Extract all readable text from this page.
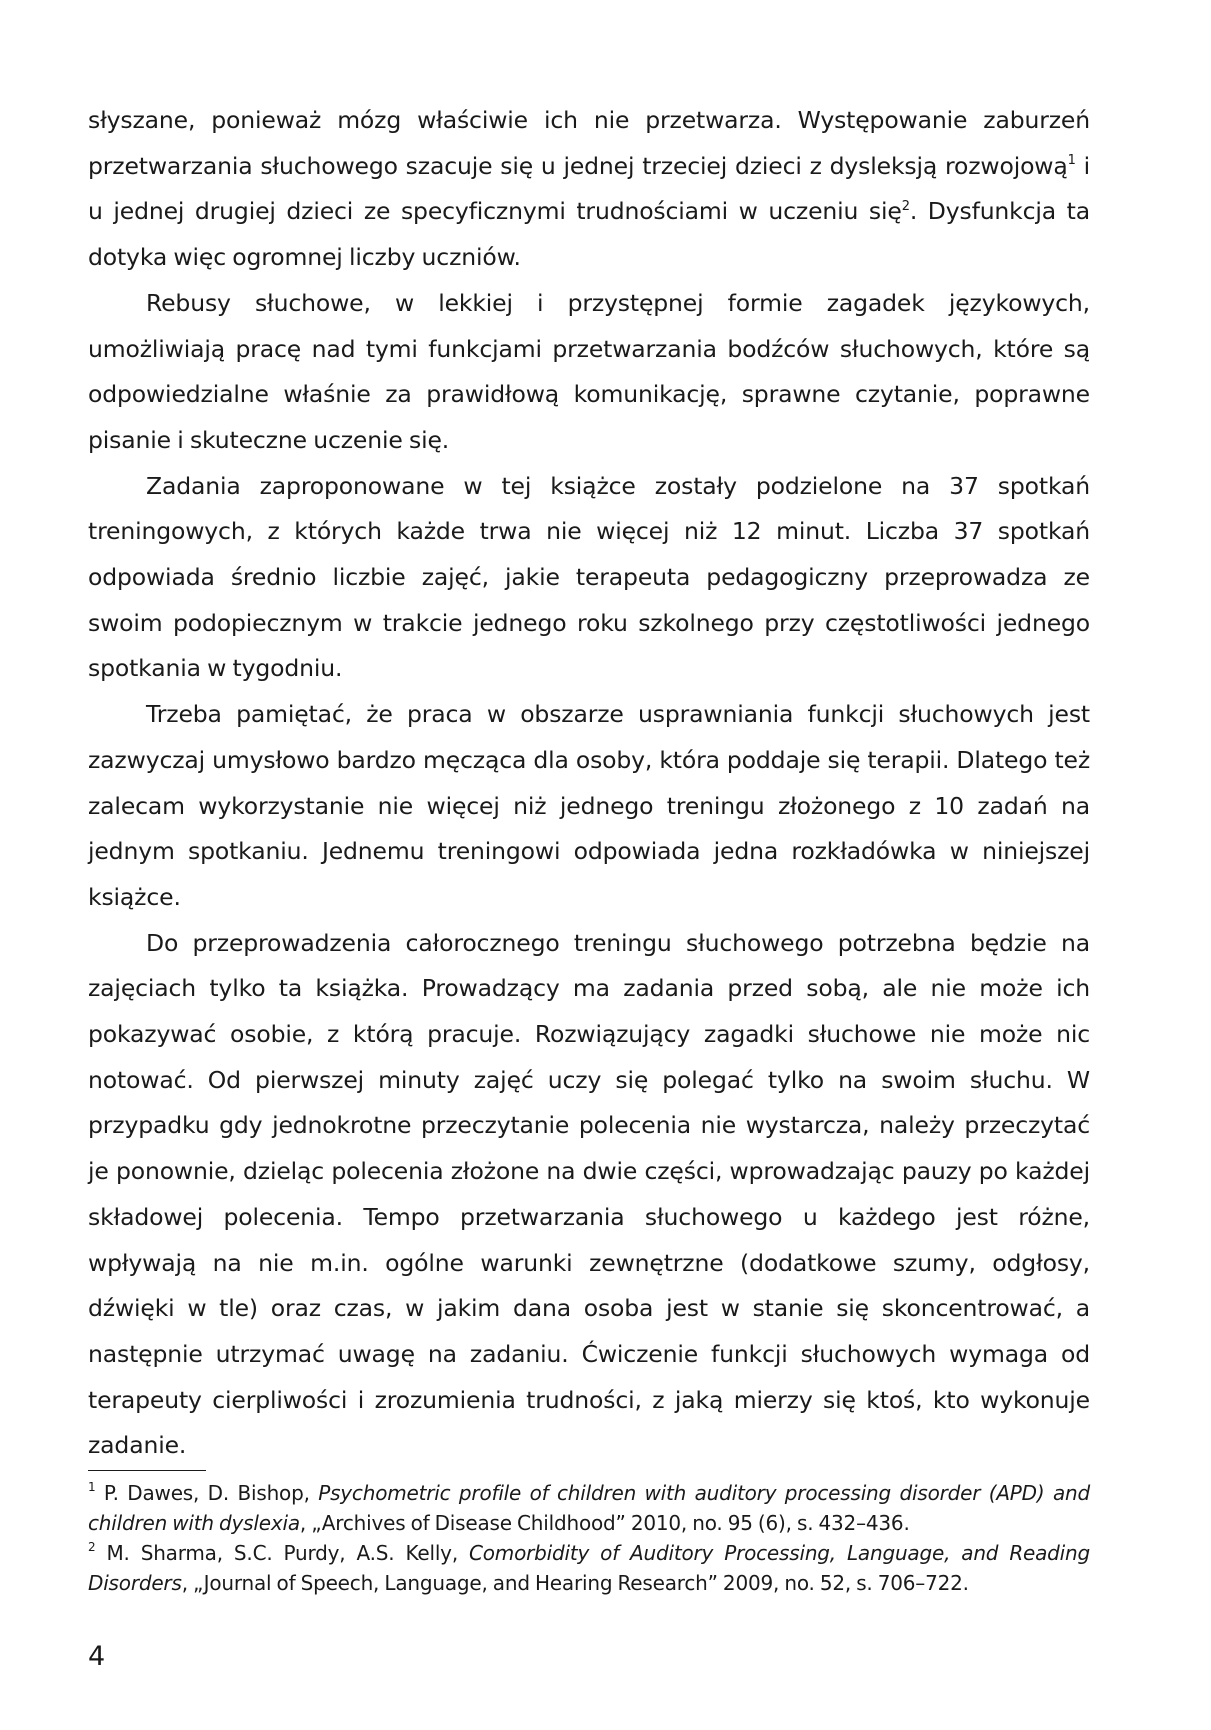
słyszane, ponieważ mózg właściwie ich nie przetwarza. Występowanie zaburzeń przetwarzania słuchowego szacuje się u jednej trzeciej dzieci z dysleksją rozwojową$^1$ i u jednej drugiej dzieci ze specyficznymi trudnościami w uczeniu się$^2$. Dysfunkcja ta dotyka więc ogromnej liczby uczniów.

Rebusy słuchowe, w lekkiej i przystępnej formie zagadek językowych, umożliwiają pracę nad tymi funkcjami przetwarzania bodźców słuchowych, które są odpowiedzialne właśnie za prawidłową komunikację, sprawne czytanie, poprawne pisanie i skuteczne uczenie się.

Zadania zaproponowane w tej książce zostały podzielone na 37 spotkań treningowych, z których każde trwa nie więcej niż 12 minut. Liczba 37 spotkań odpowiada średnio liczbie zajęć, jakie terapeuta pedagogiczny przeprowadza ze swoim podopiecznym w trakcie jednego roku szkolnego przy częstotliwości jednego spotkania w tygodniu.

Trzeba pamiętać, że praca w obszarze usprawniania funkcji słuchowych jest zazwyczaj umysłowo bardzo męcząca dla osoby, która poddaje się terapii. Dlatego też zalecam wykorzystanie nie więcej niż jednego treningu złożonego z 10 zadań na jednym spotkaniu. Jednemu treningowi odpowiada jedna rozkładówka w niniejszej książce.

Do przeprowadzenia całorocznego treningu słuchowego potrzebna będzie na zajęciach tylko ta książka. Prowadzący ma zadania przed sobą, ale nie może ich pokazywać osobie, z którą pracuje. Rozwiązujący zagadki słuchowe nie może nic notować. Od pierwszej minuty zajęć uczy się polegać tylko na swoim słuchu. W przypadku gdy jednokrotne przeczytanie polecenia nie wystarcza, należy przeczytać je ponownie, dzieląc polecenia złożone na dwie części, wprowadzając pauzy po każdej składowej polecenia. Tempo przetwarzania słuchowego u każdego jest różne, wpływają na nie m.in. ogólne warunki zewnętrzne (dodatkowe szumy, odgłosy, dźwięki w tle) oraz czas, w jakim dana osoba jest w stanie się skoncentrować, a następnie utrzymać uwagę na zadaniu. Ćwiczenie funkcji słuchowych wymaga od terapeuty cierpliwości i zrozumienia trudności, z jaką mierzy się ktoś, kto wykonuje zadanie.

$^1$ P. Dawes, D. Bishop, Psychometric profile of children with auditory processing disorder (APD) and children with dyslexia, „Archives of Disease Childhood” 2010, no. 95 (6), s. 432–436.

$^2$ M. Sharma, S.C. Purdy, A.S. Kelly, Comorbidity of Auditory Processing, Language, and Reading Disorders, „Journal of Speech, Language, and Hearing Research” 2009, no. 52, s. 706–722.

4
